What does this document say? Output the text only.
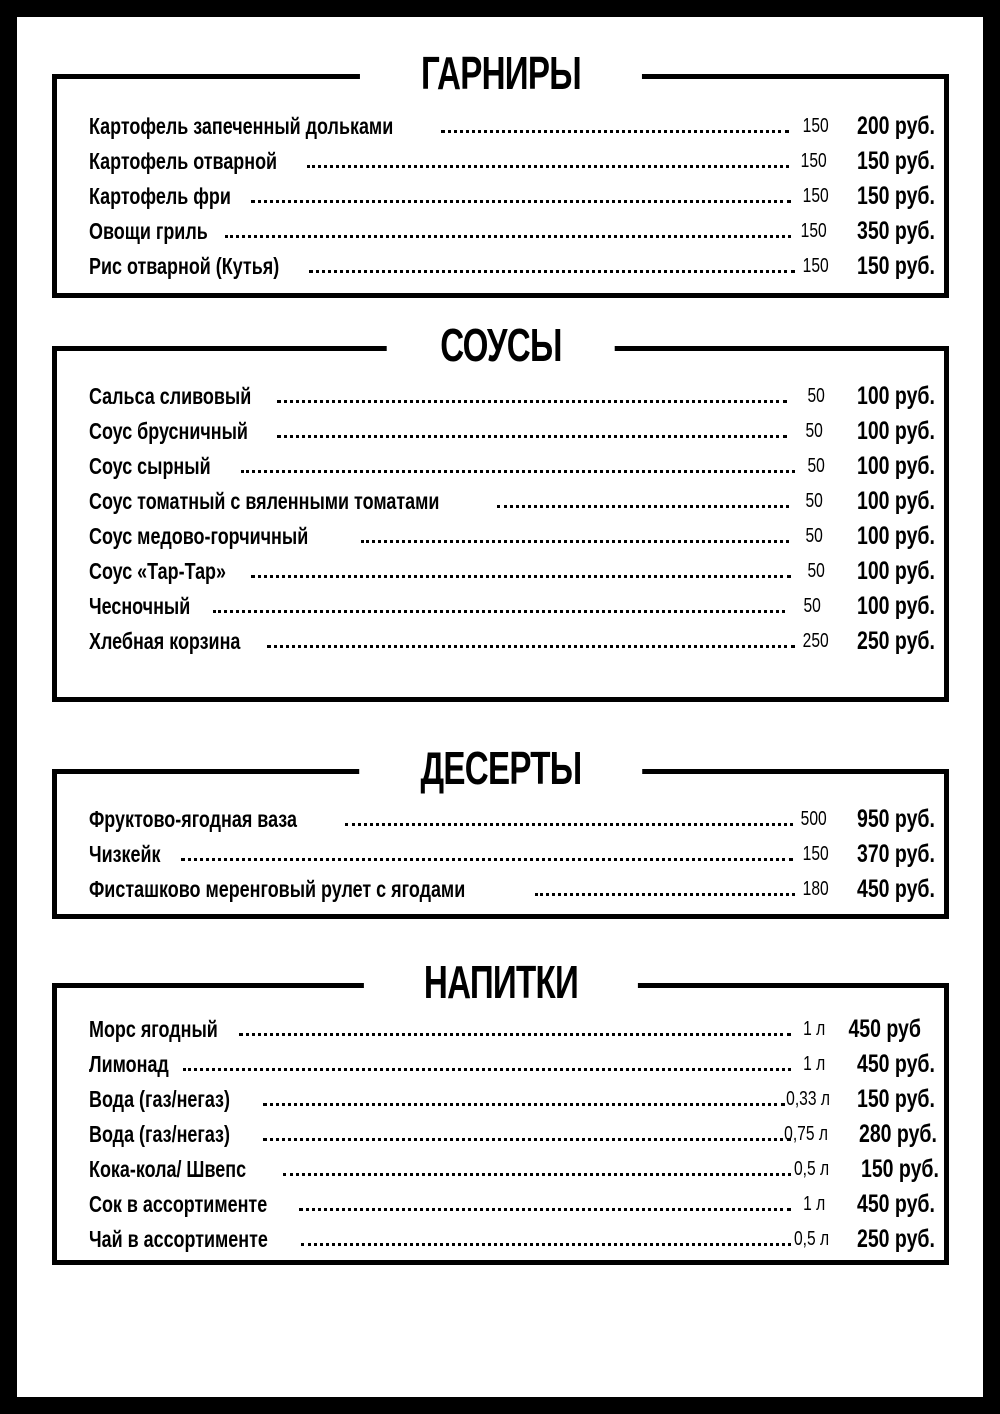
ГАРНИРЫ
Картофель запеченный дольками	150	200 руб.
Картофель отварной	150	150 руб.
Картофель фри	150	150 руб.
Овощи гриль	150	350 руб.
Рис отварной (Кутья)	150	150 руб.
СОУСЫ
Сальса сливовый	50	100 руб.
Соус брусничный	50	100 руб.
Соус сырный	50	100 руб.
Соус томатный с вяленными томатами	50	100 руб.
Соус медово-горчичный	50	100 руб.
Соус «Тар-Тар»	50	100 руб.
Чесночный	50	100 руб.
Хлебная корзина	250	250 руб.
ДЕСЕРТЫ
Фруктово-ягодная ваза	500	950 руб.
Чизкейк	150	370 руб.
Фисташково меренговый рулет с ягодами	180	450 руб.
НАПИТКИ
Морс ягодный	1 л 450 руб
Лимонад	1 л	450 руб.
Вода (газ/негаз)	0,33 л	150 руб.
Вода (газ/негаз)	0,75 л	280 руб.
Кока-кола/ Швепс	0,5 л	150 руб.
Сок в ассортименте	1 л	450 руб.
Чай в ассортименте	0,5 л	250 руб.
